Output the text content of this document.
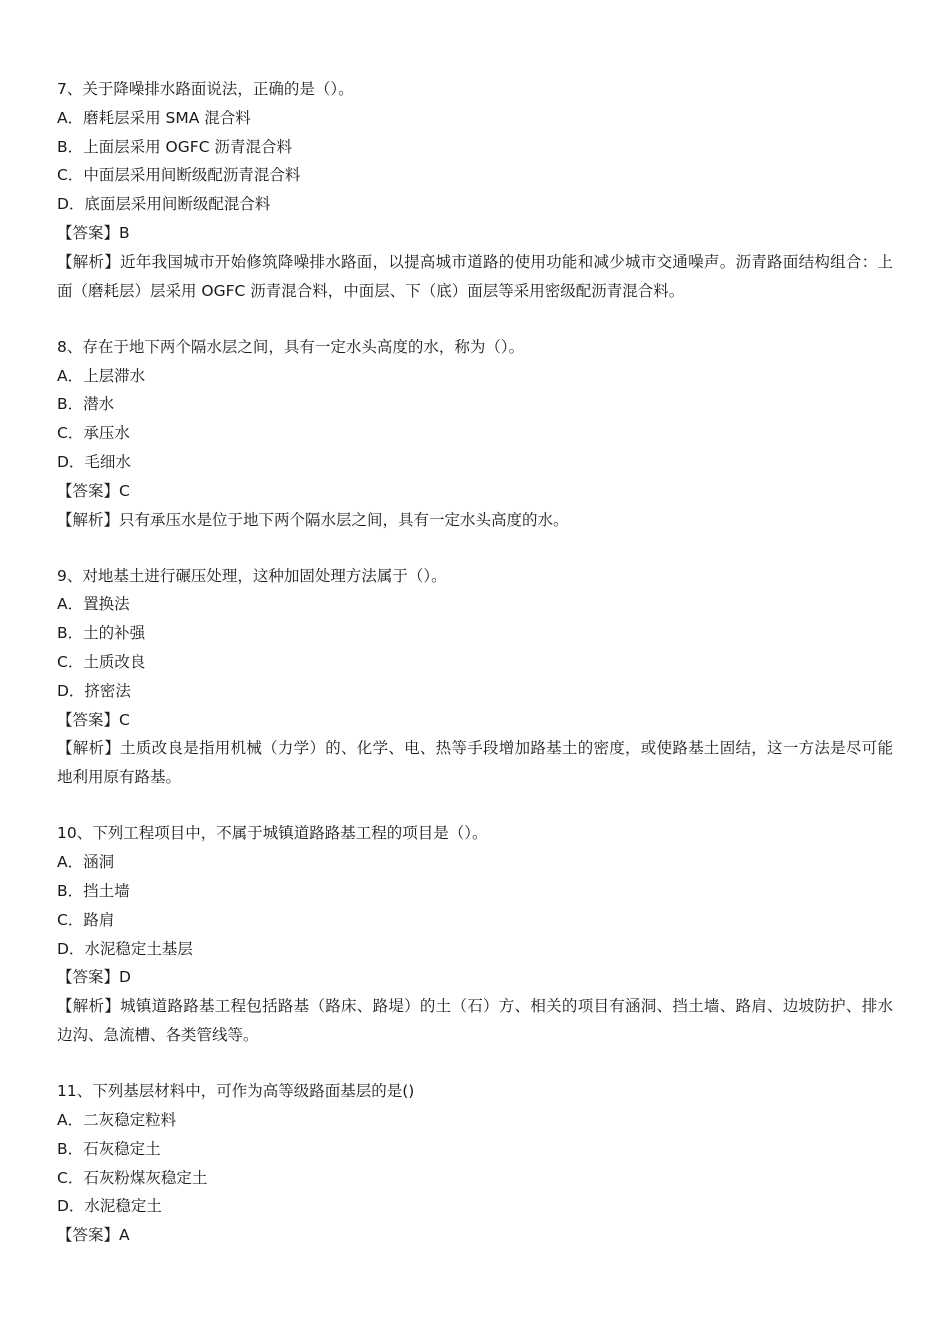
7、关于降噪排水路面说法，正确的是（）。
A．磨耗层采用 SMA 混合料
B．上面层采用 OGFC 沥青混合料
C．中面层采用间断级配沥青混合料
D．底面层采用间断级配混合料
【答案】B
【解析】近年我国城市开始修筑降噪排水路面，以提高城市道路的使用功能和减少城市交通噪声。沥青路面结构组合：上面（磨耗层）层采用 OGFC 沥青混合料，中面层、下（底）面层等采用密级配沥青混合料。
8、存在于地下两个隔水层之间，具有一定水头高度的水，称为（）。
A．上层滞水
B．潜水
C．承压水
D．毛细水
【答案】C
【解析】只有承压水是位于地下两个隔水层之间，具有一定水头高度的水。
9、对地基土进行碾压处理，这种加固处理方法属于（）。
A．置换法
B．土的补强
C．土质改良
D．挤密法
【答案】C
【解析】土质改良是指用机械（力学）的、化学、电、热等手段增加路基土的密度，或使路基土固结，这一方法是尽可能地利用原有路基。
10、下列工程项目中，不属于城镇道路路基工程的项目是（）。
A．涵洞
B．挡土墙
C．路肩
D．水泥稳定土基层
【答案】D
【解析】城镇道路路基工程包括路基（路床、路堤）的土（石）方、相关的项目有涵洞、挡土墙、路肩、边坡防护、排水边沟、急流槽、各类管线等。
11、下列基层材料中，可作为高等级路面基层的是()
A．二灰稳定粒料
B．石灰稳定土
C．石灰粉煤灰稳定土
D．水泥稳定土
【答案】A
